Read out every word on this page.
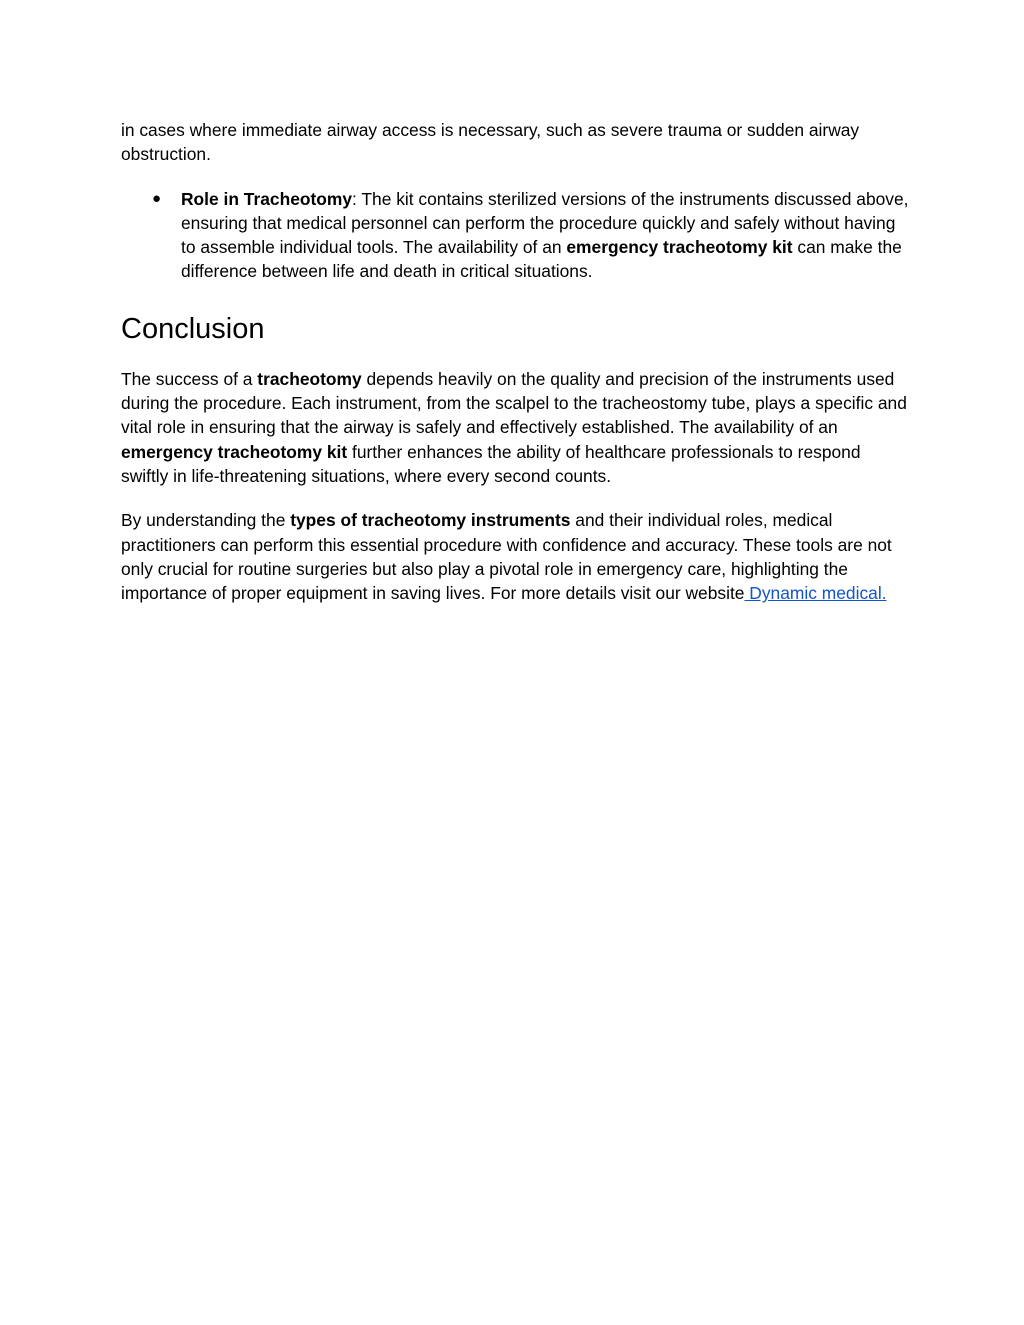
in cases where immediate airway access is necessary, such as severe trauma or sudden airway obstruction.

● Role in Tracheotomy: The kit contains sterilized versions of the instruments discussed above, ensuring that medical personnel can perform the procedure quickly and safely without having to assemble individual tools. The availability of an emergency tracheotomy kit can make the difference between life and death in critical situations.
Conclusion

The success of a tracheotomy depends heavily on the quality and precision of the instruments used during the procedure. Each instrument, from the scalpel to the tracheostomy tube, plays a specific and vital role in ensuring that the airway is safely and effectively established. The availability of an emergency tracheotomy kit further enhances the ability of healthcare professionals to respond swiftly in life-threatening situations, where every second counts.

By understanding the types of tracheotomy instruments and their individual roles, medical practitioners can perform this essential procedure with confidence and accuracy. These tools are not only crucial for routine surgeries but also play a pivotal role in emergency care, highlighting the importance of proper equipment in saving lives. For more details visit our website Dynamic medical.
